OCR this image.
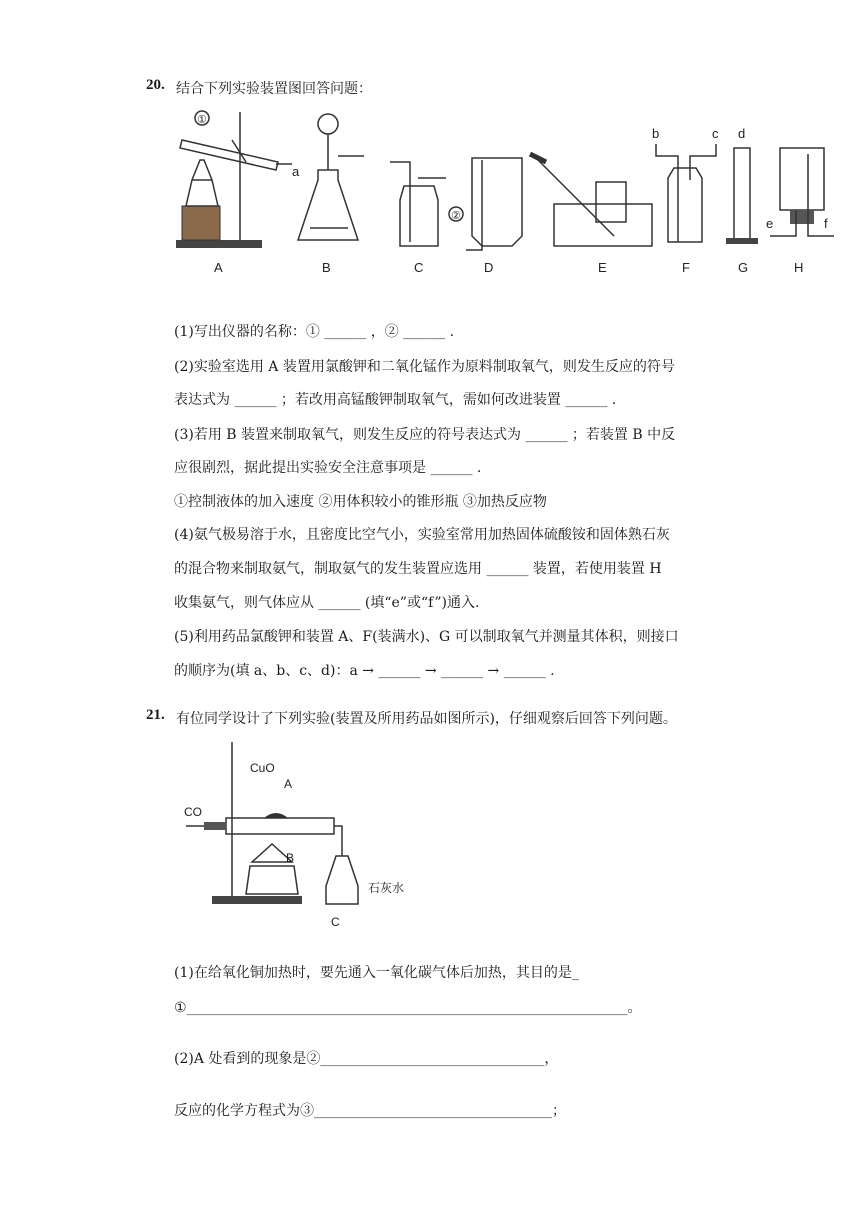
20. 结合下列实验装置图回答问题：
a
①
A	B
②
C	D	E
b	c
F
d
G
e	f
H
(1)写出仪器的名称：① ______ ，② ______ .
(2)实验室选用 A 装置用氯酸钾和二氧化锰作为原料制取氧气，则发生反应的符号
表达式为 ______ ；若改用高锰酸钾制取氧气，需如何改进装置 ______ .
(3)若用 B 装置来制取氧气，则发生反应的符号表达式为 ______ ；若装置 B 中反
应很剧烈，据此提出实验安全注意事项是 ______ .
①控制液体的加入速度 ②用体积较小的锥形瓶 ③加热反应物
(4)氨气极易溶于水，且密度比空气小，实验室常用加热固体硫酸铵和固体熟石灰
的混合物来制取氨气，制取氨气的发生装置应选用 ______ 装置，若使用装置 H
收集氨气，则气体应从 ______ (填“e”或“f”)通入.
(5)利用药品氯酸钾和装置 A、F(装满水)、G 可以制取氧气并测量其体积，则接口
的顺序为(填 a、b、c、d)：a → ______ → ______ → ______ .
21. 有位同学设计了下列实验(装置及所用药品如图所示)，仔细观察后回答下列问题。
CO
CuO
A
B
C
石灰水
(1)在给氧化铜加热时，要先通入一氧化碳气体后加热，其目的是_
①_______________________________________________________________。
(2)A 处看到的现象是②________________________________，
反应的化学方程式为③__________________________________；
